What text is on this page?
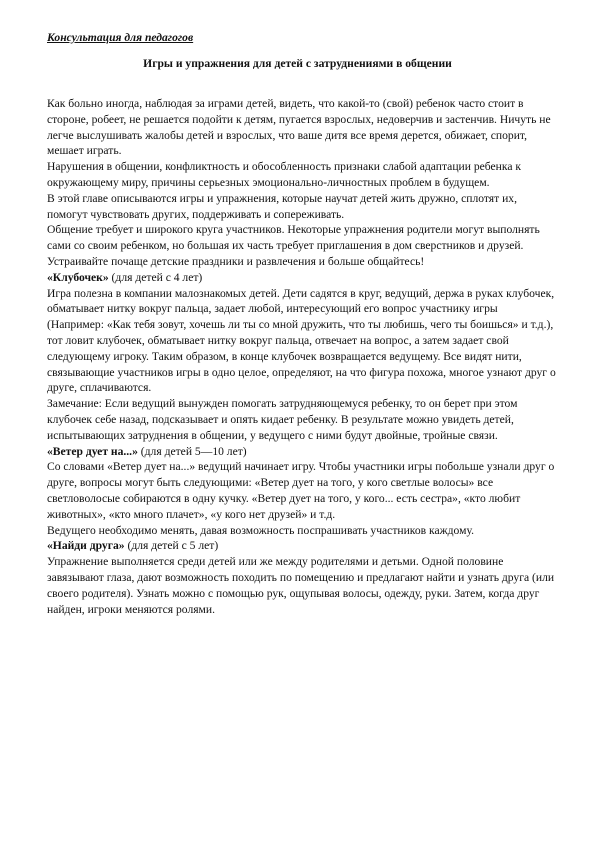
Консультация для педагогов
Игры и упражнения для детей с затруднениями в общении

Как больно иногда, наблюдая за играми детей, видеть, что какой-то (свой) ребенок часто стоит в стороне, робеет, не решается подойти к детям, пугается взрослых, недоверчив и застенчив. Ничуть не легче выслушивать жалобы детей и взрослых, что ваше дитя все время дерется, обижает, спорит, мешает играть.

Нарушения в общении, конфликтность и обособленность признаки слабой адаптации ребенка к окружающему миру, причины серьезных эмоционально-личностных проблем в будущем.

В этой главе описываются игры и упражнения, которые научат детей жить дружно, сплотят их, помогут чувствовать других, поддерживать и сопереживать.

Общение требует и широкого круга участников. Некоторые упражнения родители могут выполнять сами со своим ребенком, но большая их часть требует приглашения в дом сверстников и друзей. Устраивайте почаще детские праздники и развлечения и больше общайтесь!

«Клубочек» (для детей с 4 лет)

Игра полезна в компании малознакомых детей. Дети садятся в круг, ведущий, держа в руках клубочек, обматывает нитку вокруг пальца, задает любой, интересующий его вопрос участнику игры (Например: «Как тебя зовут, хочешь ли ты со мной дружить, что ты любишь, чего ты боишься» и т.д.), тот ловит клубочек, обматывает нитку вокруг пальца, отвечает на вопрос, а затем задает свой следующему игроку. Таким образом, в конце клубочек возвращается ведущему. Все видят нити, связывающие участников игры в одно целое, определяют, на что фигура похожа, многое узнают друг о друге, сплачиваются.

Замечание: Если ведущий вынужден помогать затрудняющемуся ребенку, то он берет при этом клубочек себе назад, подсказывает и опять кидает ребенку. В результате можно увидеть детей, испытывающих затруднения в общении, у ведущего с ними будут двойные, тройные связи.

«Ветер дует на...» (для детей 5—10 лет)

Со словами «Ветер дует на...» ведущий начинает игру. Чтобы участники игры побольше узнали друг о друге, вопросы могут быть следующими: «Ветер дует на того, у кого светлые волосы» все светловолосые собираются в одну кучку. «Ветер дует на того, у кого... есть сестра», «кто любит животных», «кто много плачет», «у кого нет друзей» и т.д.

Ведущего необходимо менять, давая возможность поспрашивать участников каждому.

«Найди друга» (для детей с 5 лет)

Упражнение выполняется среди детей или же между родителями и детьми. Одной половине завязывают глаза, дают возможность походить по помещению и предлагают найти и узнать друга (или своего родителя). Узнать можно с помощью рук, ощупывая волосы, одежду, руки. Затем, когда друг найден, игроки меняются ролями.
